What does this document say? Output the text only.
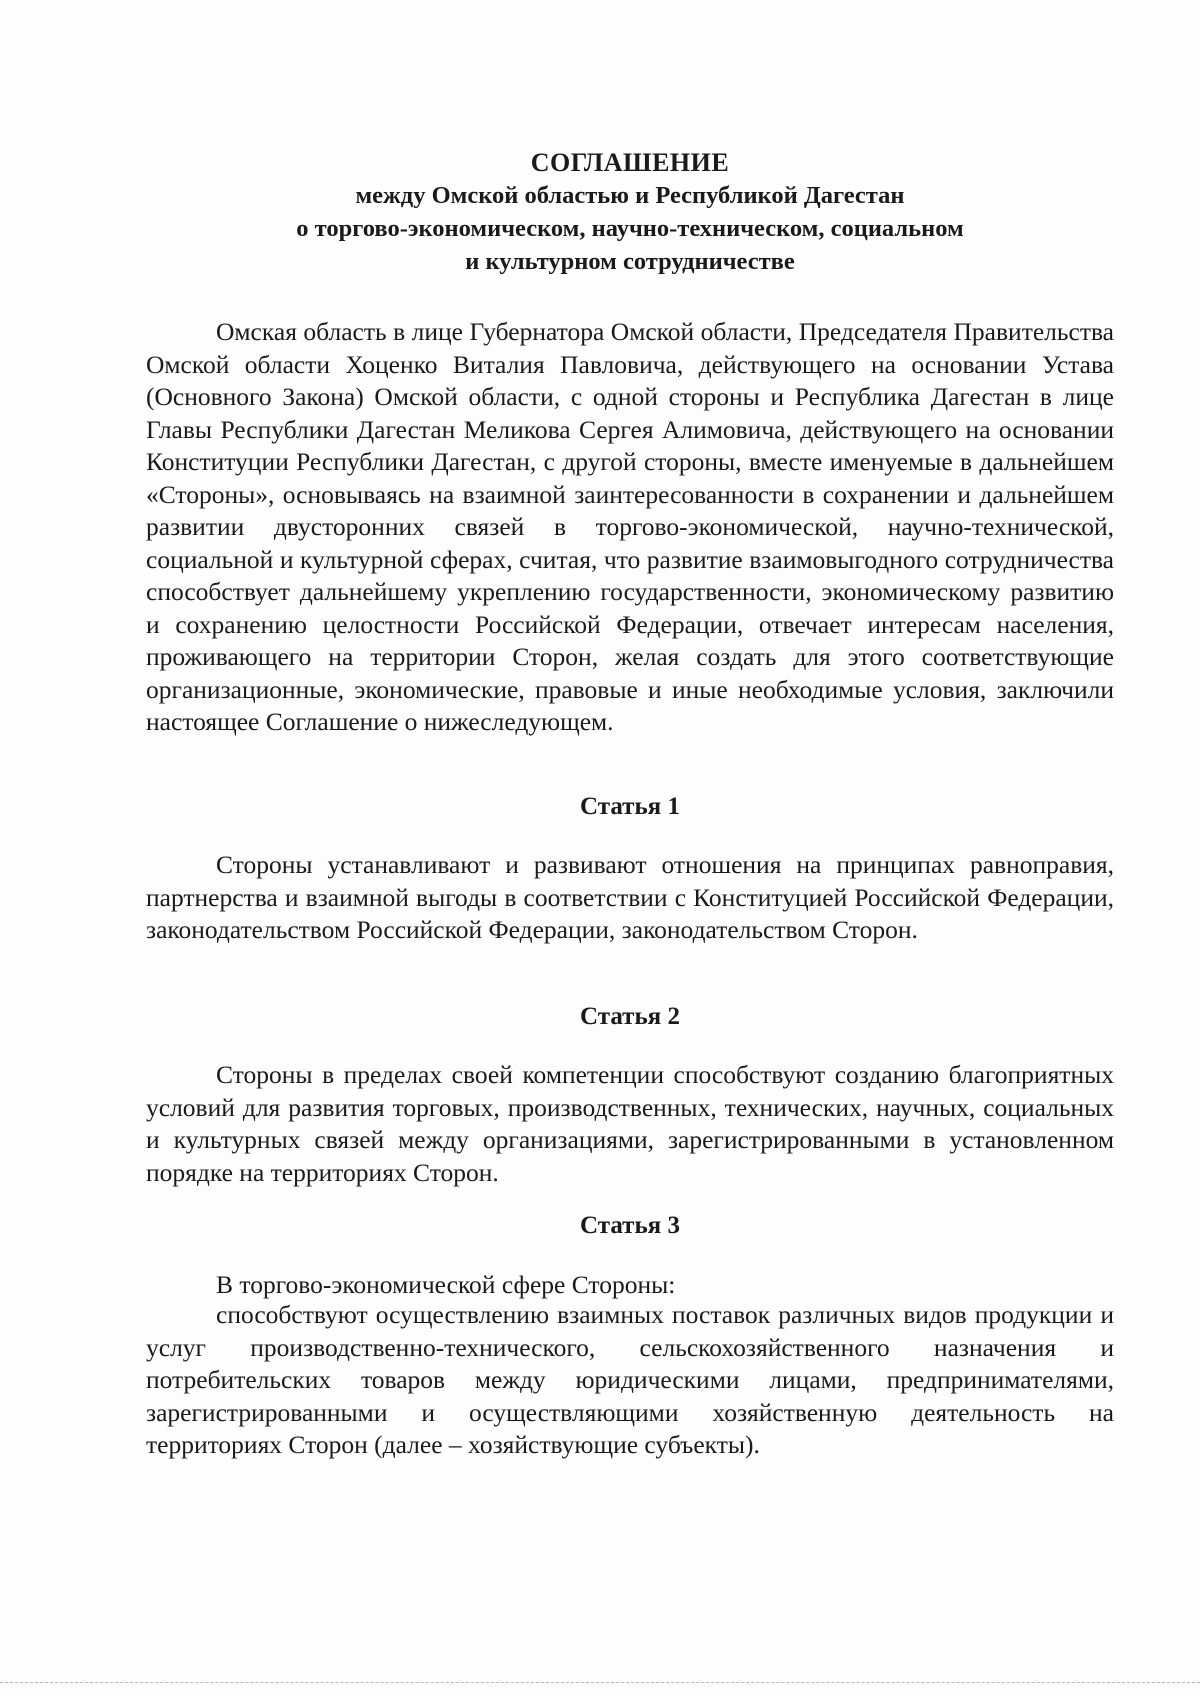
СОГЛАШЕНИЕ
между Омской областью и Республикой Дагестан
о торгово-экономическом, научно-техническом, социальном
и культурном сотрудничестве

Омская область в лице Губернатора Омской области, Председателя Правительства Омской области Хоценко Виталия Павловича, действующего на основании Устава (Основного Закона) Омской области, с одной стороны и Республика Дагестан в лице Главы Республики Дагестан Меликова Сергея Алимовича, действующего на основании Конституции Республики Дагестан, с другой стороны, вместе именуемые в дальнейшем «Стороны», основываясь на взаимной заинтересованности в сохранении и дальнейшем развитии двусторонних связей в торгово-экономической, научно-технической, социальной и культурной сферах, считая, что развитие взаимовыгодного сотрудничества способствует дальнейшему укреплению государственности, экономическому развитию и сохранению целостности Российской Федерации, отвечает интересам населения, проживающего на территории Сторон, желая создать для этого соответствующие организационные, экономические, правовые и иные необходимые условия, заключили настоящее Соглашение о нижеследующем.

Статья 1

Стороны устанавливают и развивают отношения на принципах равноправия, партнерства и взаимной выгоды в соответствии с Конституцией Российской Федерации, законодательством Российской Федерации, законодательством Сторон.

Статья 2

Стороны в пределах своей компетенции способствуют созданию благоприятных условий для развития торговых, производственных, технических, научных, социальных и культурных связей между организациями, зарегистрированными в установленном порядке на территориях Сторон.

Статья 3

В торгово-экономической сфере Стороны:

способствуют осуществлению взаимных поставок различных видов продукции и услуг производственно-технического, сельскохозяйственного назначения и потребительских товаров между юридическими лицами, предпринимателями, зарегистрированными и осуществляющими хозяйственную деятельность на территориях Сторон (далее – хозяйствующие субъекты).
